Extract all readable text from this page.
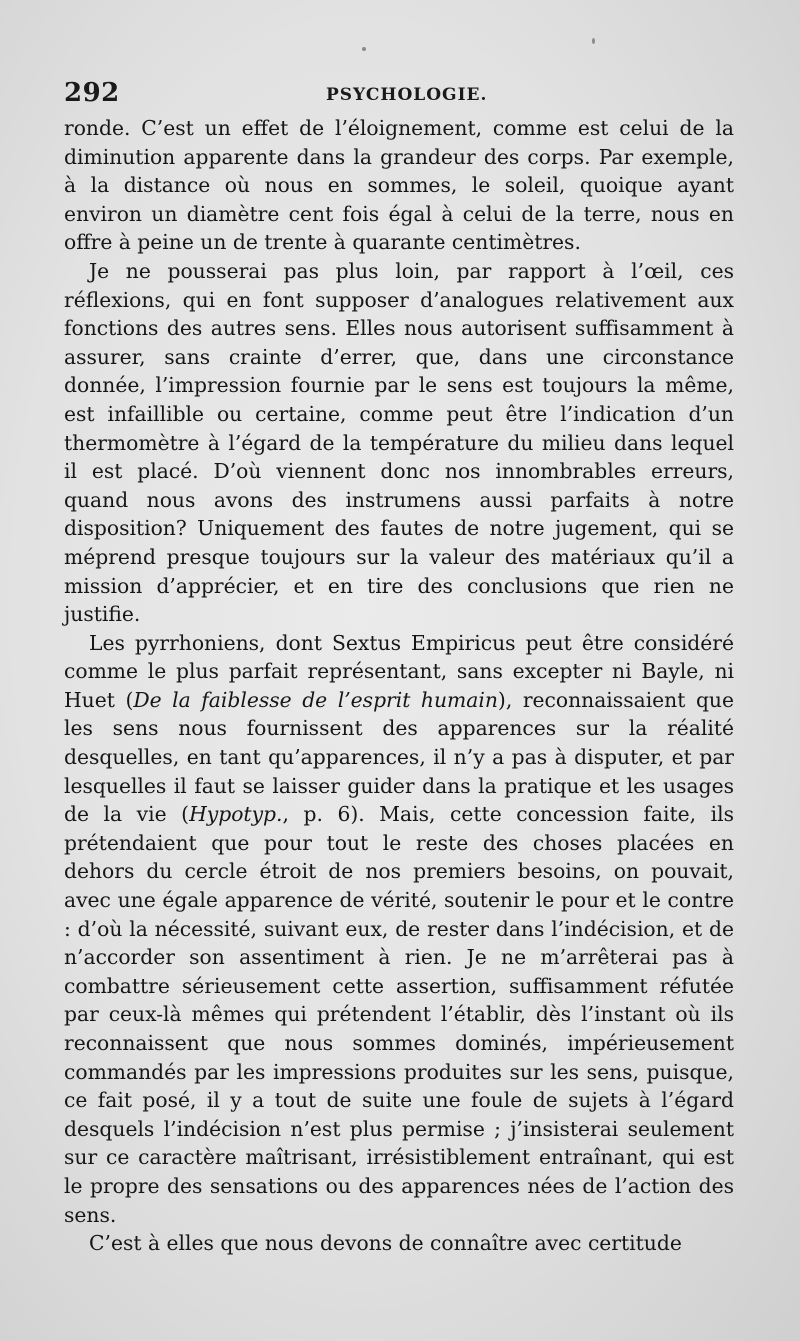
292	PSYCHOLOGIE.

ronde. C’est un effet de l’éloignement, comme est celui de la diminution apparente dans la grandeur des corps. Par exemple, à la distance où nous en sommes, le soleil, quoique ayant environ un diamètre cent fois égal à celui de la terre, nous en offre à peine un de trente à quarante centimètres.

Je ne pousserai pas plus loin, par rapport à l’œil, ces réflexions, qui en font supposer d’analogues relativement aux fonctions des autres sens. Elles nous autorisent suffisamment à assurer, sans crainte d’errer, que, dans une circonstance donnée, l’impression fournie par le sens est toujours la même, est infaillible ou certaine, comme peut être l’indication d’un thermomètre à l’égard de la température du milieu dans lequel il est placé. D’où viennent donc nos innombrables erreurs, quand nous avons des instrumens aussi parfaits à notre disposition? Uniquement des fautes de notre jugement, qui se méprend presque toujours sur la valeur des matériaux qu’il a mission d’apprécier, et en tire des conclusions que rien ne justifie.

Les pyrrhoniens, dont Sextus Empiricus peut être considéré comme le plus parfait représentant, sans excepter ni Bayle, ni Huet (De la faiblesse de l’esprit humain), reconnaissaient que les sens nous fournissent des apparences sur la réalité desquelles, en tant qu’apparences, il n’y a pas à disputer, et par lesquelles il faut se laisser guider dans la pratique et les usages de la vie (Hypotyp., p. 6). Mais, cette concession faite, ils prétendaient que pour tout le reste des choses placées en dehors du cercle étroit de nos premiers besoins, on pouvait, avec une égale apparence de vérité, soutenir le pour et le contre : d’où la nécessité, suivant eux, de rester dans l’indécision, et de n’accorder son assentiment à rien. Je ne m’arrêterai pas à combattre sérieusement cette assertion, suffisamment réfutée par ceux-là mêmes qui prétendent l’établir, dès l’instant où ils reconnaissent que nous sommes dominés, impérieusement commandés par les impressions produites sur les sens, puisque, ce fait posé, il y a tout de suite une foule de sujets à l’égard desquels l’indécision n’est plus permise ; j’insisterai seulement sur ce caractère maîtrisant, irrésistiblement entraînant, qui est le propre des sensations ou des apparences nées de l’action des sens.

C’est à elles que nous devons de connaître avec certitude
